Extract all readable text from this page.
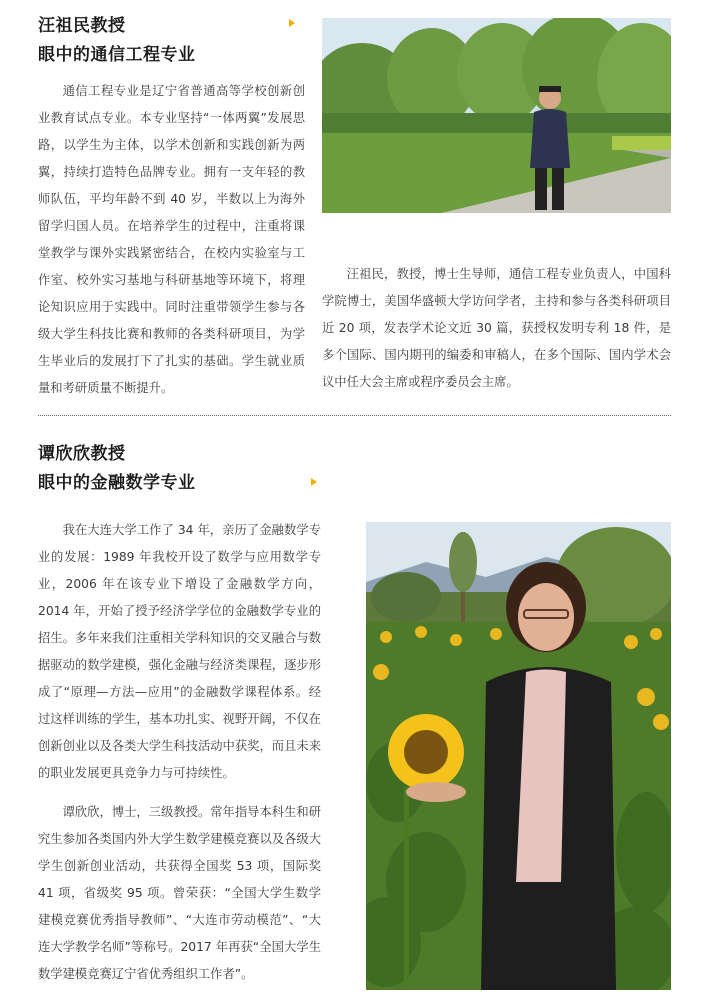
汪祖民教授
眼中的通信工程专业

通信工程专业是辽宁省普通高等学校创新创业教育试点专业。本专业坚持“一体两翼”发展思路，以学生为主体，以学术创新和实践创新为两翼，持续打造特色品牌专业。拥有一支年轻的教师队伍，平均年龄不到 40 岁，半数以上为海外留学归国人员。在培养学生的过程中，注重将课堂教学与课外实践紧密结合，在校内实验室与工作室、校外实习基地与科研基地等环境下，将理论知识应用于实践中。同时注重带领学生参与各级大学生科技比赛和教师的各类科研项目，为学生毕业后的发展打下了扎实的基础。学生就业质量和考研质量不断提升。

汪祖民，教授，博士生导师，通信工程专业负责人，中国科学院博士，美国华盛顿大学访问学者，主持和参与各类科研项目近 20 项，发表学术论文近 30 篇，获授权发明专利 18 件，是多个国际、国内期刊的编委和审稿人，在多个国际、国内学术会议中任大会主席或程序委员会主席。

谭欣欣教授
眼中的金融数学专业

我在大连大学工作了 34 年，亲历了金融数学专业的发展：1989 年我校开设了数学与应用数学专业，2006 年在该专业下增设了金融数学方向，2014 年，开始了授予经济学学位的金融数学专业的招生。多年来我们注重相关学科知识的交叉融合与数据驱动的数学建模，强化金融与经济类课程，逐步形成了“原理—方法—应用”的金融数学课程体系。经过这样训练的学生，基本功扎实、视野开阔，不仅在创新创业以及各类大学生科技活动中获奖，而且未来的职业发展更具竞争力与可持续性。

谭欣欣，博士，三级教授。常年指导本科生和研究生参加各类国内外大学生数学建模竞赛以及各级大学生创新创业活动，共获得全国奖 53 项，国际奖 41 项，省级奖 95 项。曾荣获：“全国大学生数学建模竞赛优秀指导教师”、“大连市劳动模范”、“大连大学教学名师”等称号。2017 年再获“全国大学生数学建模竞赛辽宁省优秀组织工作者”。
